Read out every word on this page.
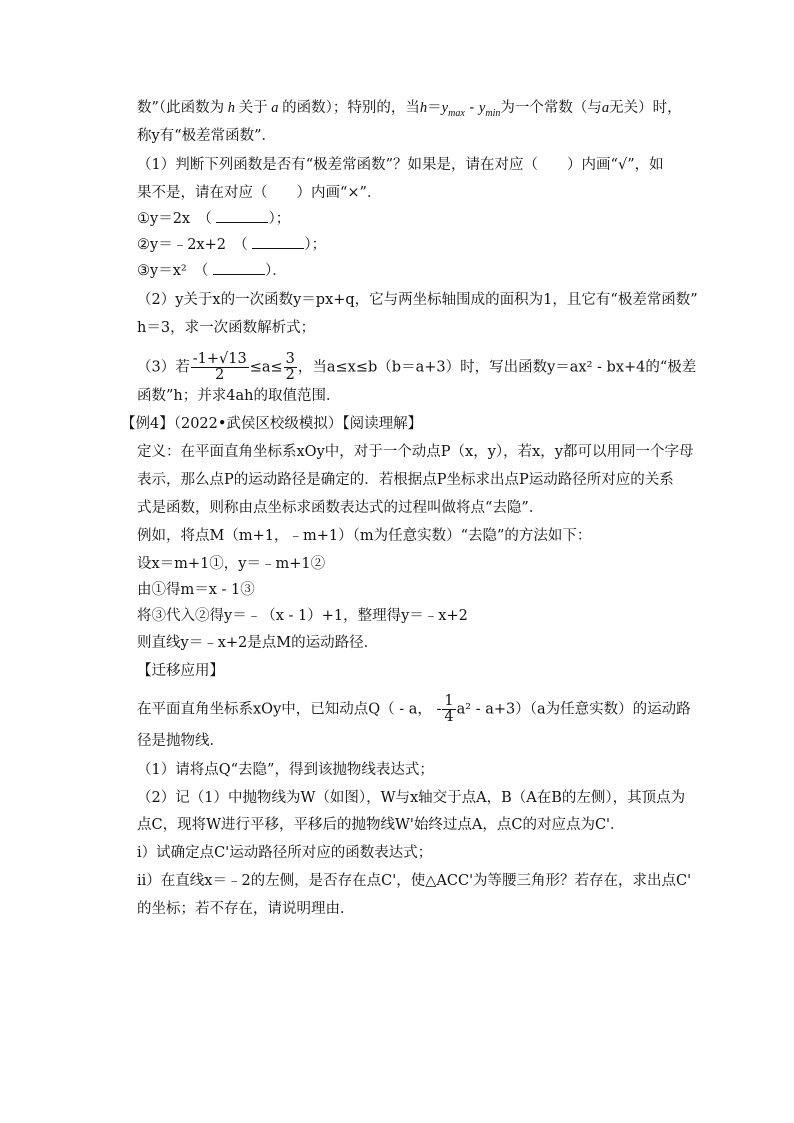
数”（此函数为 h 关于 a 的函数）；特别的，当$h=y_{max} - y_{min}$为一个常数（与a无关）时，
称y有“极差常函数”．
（1）判断下列函数是否有“极差常函数”？如果是，请在对应（　　）内画“√”，如
果不是，请在对应（　　）内画“×”．
①y＝2x　（	）；
②y＝﹣2x+2　（	）；
③y＝x²　（	）．
（2）y关于x的一次函数y＝px+q，它与两坐标轴围成的面积为1，且它有“极差常函数”
h＝3，求一次函数解析式；
（3）若 $\frac{-1+√13}{2} \le a\le \frac{3}{2}$ ，当a≤x≤b（b＝a+3）时，写出函数y＝ax² - bx+4的“极差
函数”h；并求4ah的取值范围．
【例4】（2022•武侯区校级模拟）【阅读理解】
定义：在平面直角坐标系xOy中，对于一个动点P（x，y），若x，y都可以用同一个字母
表示，那么点P的运动路径是确定的．若根据点P坐标求出点P运动路径所对应的关系
式是函数，则称由点坐标求函数表达式的过程叫做将点“去隐”．
例如，将点M（m+1，﹣m+1）（m为任意实数）“去隐”的方法如下：
设x＝m+1①，y＝﹣m+1②
由①得m＝x - 1③
将③代入②得y＝﹣（x - 1）+1，整理得y＝﹣x+2
则直线y＝﹣x+2是点M的运动路径．
【迁移应用】
在平面直角坐标系xOy中，已知动点Q（ - a， - $\frac{1}{4} a^2 - a+3)(a$为任意实数）的运动路
径是抛物线．
（1）请将点Q“去隐”，得到该抛物线表达式；
（2）记（1）中抛物线为W（如图），W与x轴交于点A，B（A在B的左侧），其顶点为
点C，现将W进行平移，平移后的抛物线W'始终过点A，点C的对应点为C'．
ⅰ）试确定点C'运动路径所对应的函数表达式；
ⅱ）在直线x＝﹣2的左侧，是否存在点C'，使△ACC'为等腰三角形？若存在，求出点C'
的坐标；若不存在，请说明理由．
